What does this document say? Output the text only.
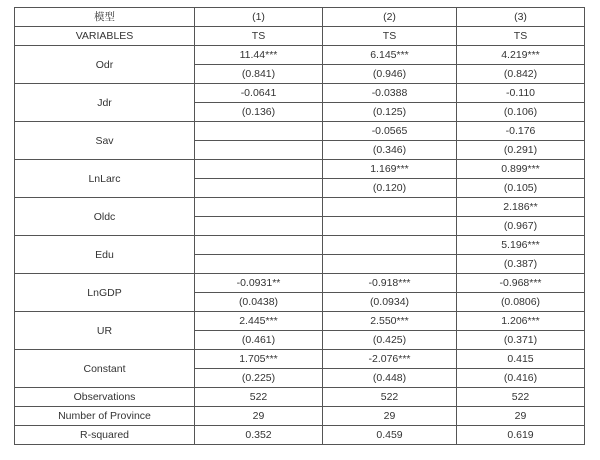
模型	(1)	(2)	(3)
VARIABLES	TS	TS	TS
Odr	11.44***	6.145***	4.219***
	(0.841)	(0.946)	(0.842)
Jdr	-0.0641	-0.0388	-0.110
	(0.136)	(0.125)	(0.106)
Sav		-0.0565	-0.176
		(0.346)	(0.291)
LnLarc		1.169***	0.899***
		(0.120)	(0.105)
Oldc			2.186**
			(0.967)
Edu			5.196***
			(0.387)
LnGDP	-0.0931**	-0.918***	-0.968***
	(0.0438)	(0.0934)	(0.0806)
UR	2.445***	2.550***	1.206***
	(0.461)	(0.425)	(0.371)
Constant	1.705***	-2.076***	0.415
	(0.225)	(0.448)	(0.416)
Observations	522	522	522
Number of Province	29	29	29
R-squared	0.352	0.459	0.619
